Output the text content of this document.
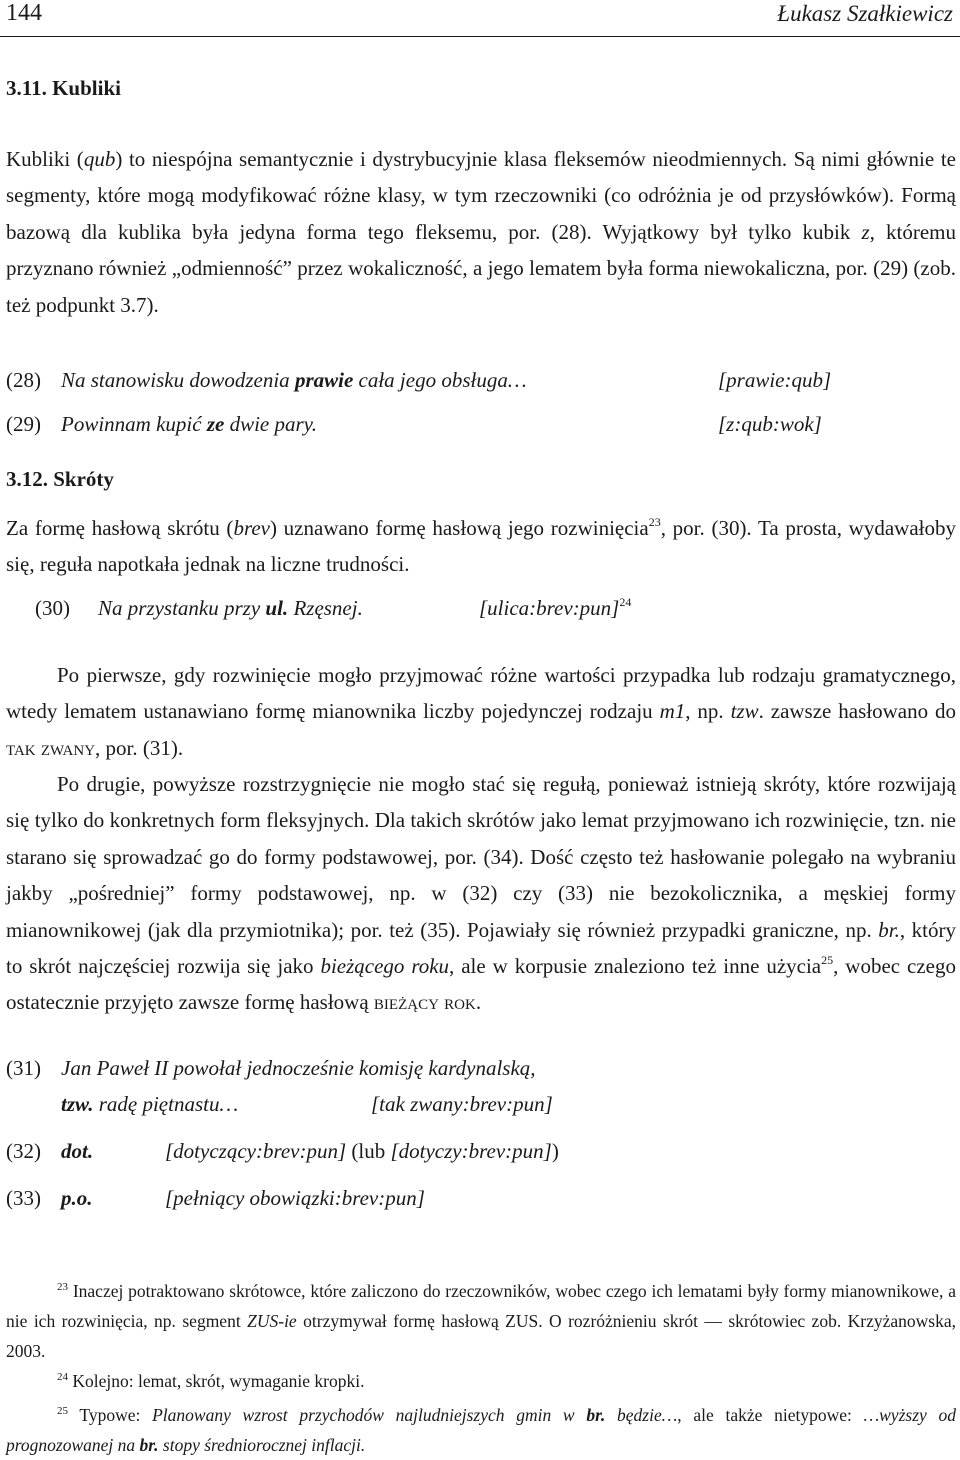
144	Łukasz Szałkiewicz
3.11. Kubliki

Kubliki (qub) to niespójna semantycznie i dystrybucyjnie klasa fleksemów nieodmiennych. Są nimi głównie te segmenty, które mogą modyfikować różne klasy, w tym rzeczowniki (co odróżnia je od przysłówków). Formą bazową dla kublika była jedyna forma tego fleksemu, por. (28). Wyjątkowy był tylko kubik z, któremu przyznano również „odmienność” przez wokaliczność, a jego lematem była forma niewokaliczna, por. (29) (zob. też podpunkt 3.7).

(28) Na stanowisku dowodzenia prawie cała jego obsługa…	[prawie:qub]
(29) Powinnam kupić ze dwie pary.	[z:qub:wok]
3.12. Skróty

Za formę hasłową skrótu (brev) uznawano formę hasłową jego rozwinięcia$^{23}$, por. (30). Ta prosta, wydawałoby się, reguła napotkała jednak na liczne trudności.

(30) Na przystanku przy ul. Rzęsnej.	[ulica:brev:pun]$^{24}$

Po pierwsze, gdy rozwinięcie mogło przyjmować różne wartości przypadka lub rodzaju gramatycznego, wtedy lematem ustanawiano formę mianownika liczby pojedynczej rodzaju m1, np. tzw. zawsze hasłowano do tak zwany, por. (31).

Po drugie, powyższe rozstrzygnięcie nie mogło stać się regułą, ponieważ istnieją skróty, które rozwijają się tylko do konkretnych form fleksyjnych. Dla takich skrótów jako lemat przyjmowano ich rozwinięcie, tzn. nie starano się sprowadzać go do formy podstawowej, por. (34). Dość często też hasłowanie polegało na wybraniu jakby „pośredniej” formy podstawowej, np. w (32) czy (33) nie bezokolicznika, a męskiej formy mianownikowej (jak dla przymiotnika); por. też (35). Pojawiały się również przypadki graniczne, np. br., który to skrót najczęściej rozwija się jako bieżącego roku, ale w korpusie znaleziono też inne użycia$^{25}$, wobec czego ostatecznie przyjęto zawsze formę hasłową bieżący rok.

(31) Jan Paweł II powołał jednocześnie komisję kardynalską,
tzw. radę piętnastu…	[tak zwany:brev:pun]
(32) dot.	[dotyczący:brev:pun] (lub [dotyczy:brev:pun])
(33) p.o.	[pełniący obowiązki:brev:pun]

$^{23}$ Inaczej potraktowano skrótowce, które zaliczono do rzeczowników, wobec czego ich lematami były formy mianownikowe, a nie ich rozwinięcia, np. segment ZUS-ie otrzymywał formę hasłową ZUS. O rozróżnieniu skrót — skrótowiec zob. Krzyżanowska, 2003.

$^{24}$ Kolejno: lemat, skrót, wymaganie kropki.

$^{25}$ Typowe: Planowany wzrost przychodów najludniejszych gmin w br. będzie…, ale także nietypowe: …wyższy od prognozowanej na br. stopy średniorocznej inflacji.
